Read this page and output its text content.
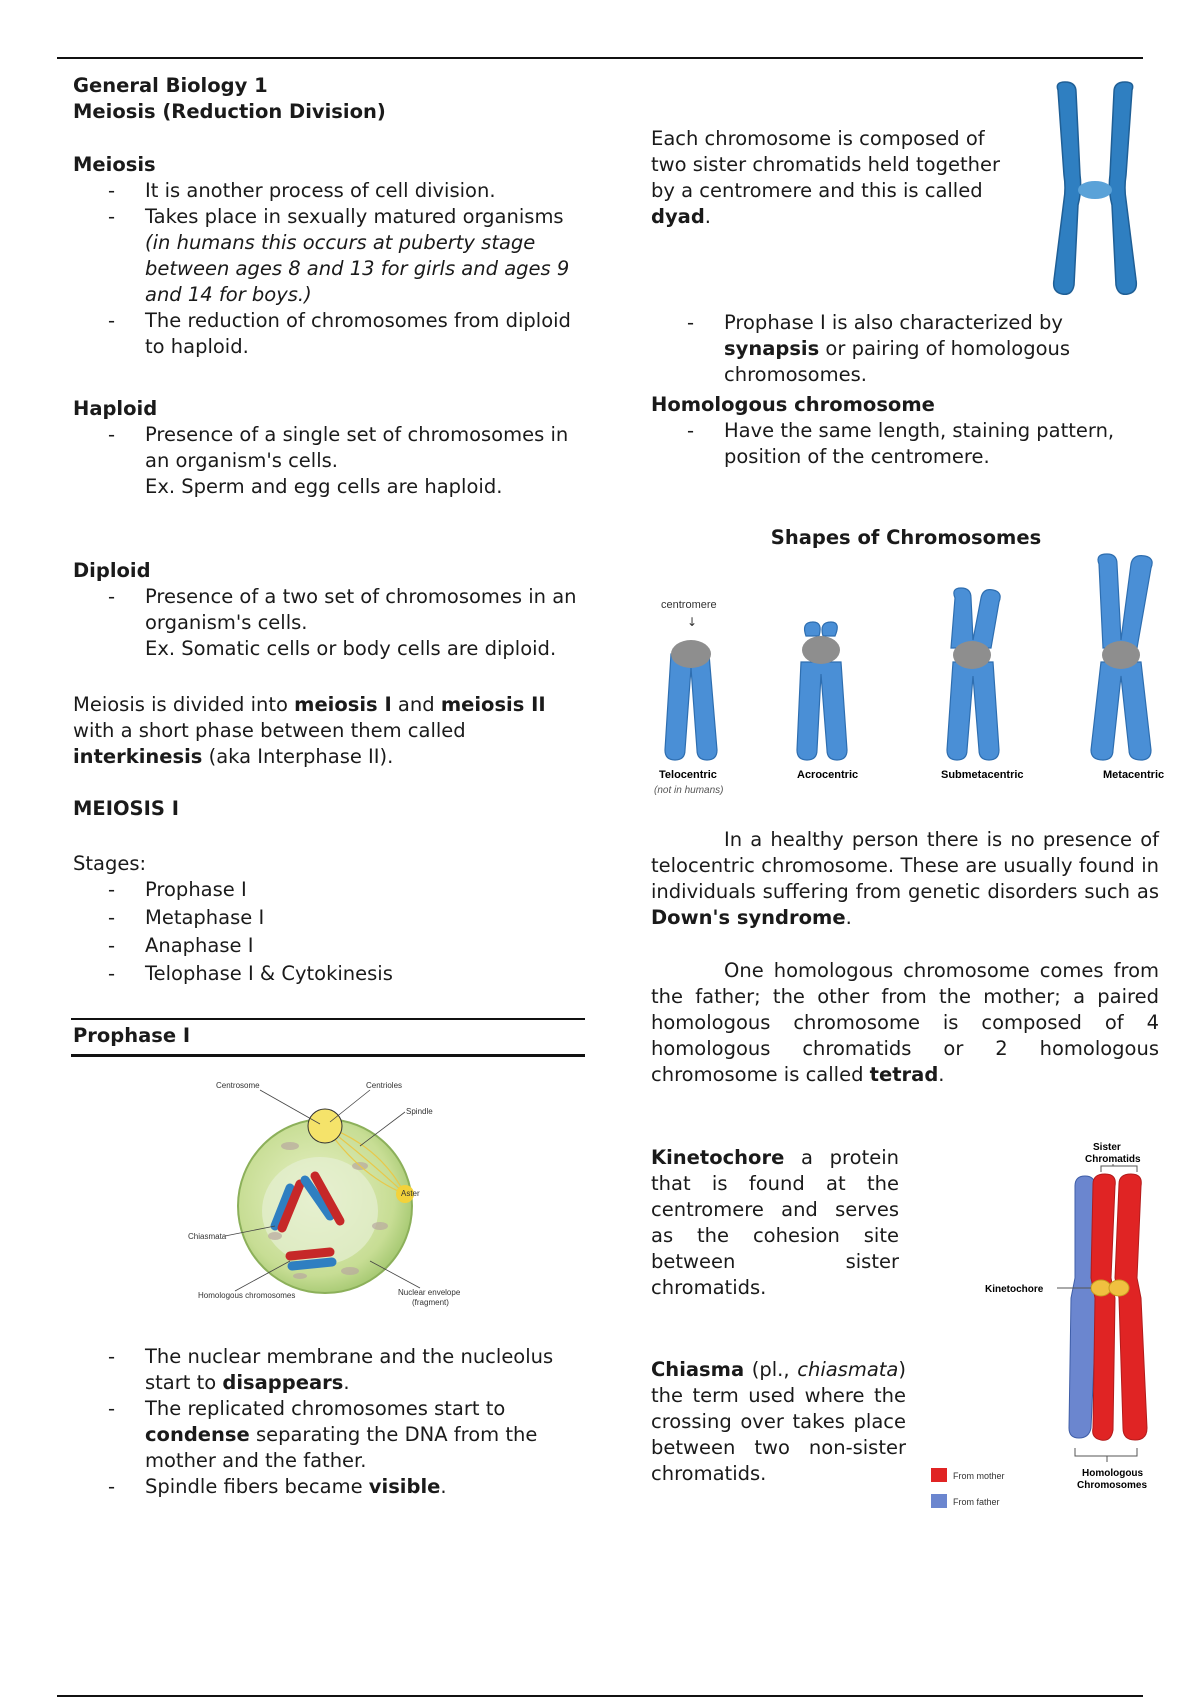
General Biology 1
Meiosis (Reduction Division)
Meiosis

- It is another process of cell division.

- Takes place in sexually matured organisms (in humans this occurs at puberty stage between ages 8 and 13 for girls and ages 9 and 14 for boys.)

- The reduction of chromosomes from diploid to haploid.

Haploid

- Presence of a single set of chromosomes in an organism's cells.

Ex. Sperm and egg cells are haploid.

Diploid

- Presence of a two set of chromosomes in an organism's cells.

Ex. Somatic cells or body cells are diploid.

Meiosis is divided into meiosis I and meiosis II with a short phase between them called interkinesis (aka Interphase II).

MEIOSIS I
Stages:

- Prophase I

- Metaphase I

- Anaphase I

- Telophase I & Cytokinesis

Prophase I
Centrosome	Centrioles
Spindle
Aster
Chiasmata
Homologous chromosomes	Nuclear envelope
(fragment)

- The nuclear membrane and the nucleolus start to disappears.

- The replicated chromosomes start to condense separating the DNA from the mother and the father.

- Spindle fibers became visible.

Each chromosome is composed of two sister chromatids held together by a centromere and this is called dyad.

- Prophase I is also characterized by synapsis or pairing of homologous chromosomes.

Homologous chromosome

- Have the same length, staining pattern, position of the centromere.

Shapes of Chromosomes
centromere
↓
Telocentric
(not in humans)
Acrocentric	Submetacentric	Metacentric

In a healthy person there is no presence of telocentric chromosome. These are usually found in individuals suffering from genetic disorders such as Down's syndrome.

One homologous chromosome comes from the father; the other from the mother; a paired homologous chromosome is composed of 4 homologous chromatids or 2 homologous chromosome is called tetrad.

Kinetochore a protein that is found at the centromere and serves as the cohesion site between sister chromatids.

Chiasma (pl., chiasmata) the term used where the crossing over takes place between two non-sister chromatids.

Sister
Chromatids
Kinetochore
Homologous
Chromosomes
From mother
From father
